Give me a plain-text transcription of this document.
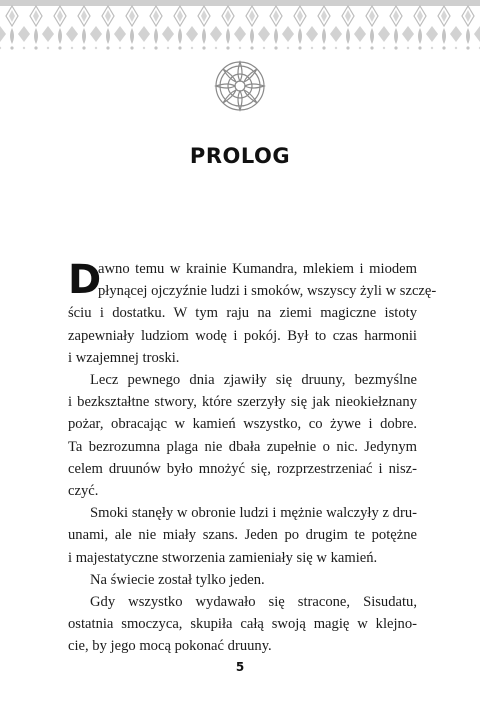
PROLOG
D
awno temu w krainie Kumandra, mlekiem i miodem
płynącej ojczyźnie ludzi i smoków, wszyscy żyli w szczę-
ściu i dostatku. W tym raju na ziemi magiczne istoty
zapewniały ludziom wodę i pokój. Był to czas harmonii
i wzajemnej troski.
Lecz pewnego dnia zjawiły się druuny, bezmyślne
i bezkształtne stwory, które szerzyły się jak nieokiełznany
pożar, obracając w kamień wszystko, co żywe i dobre.
Ta bezrozumna plaga nie dbała zupełnie o nic. Jedynym
celem druunów było mnożyć się, rozprzestrzeniać i nisz-
czyć.
Smoki stanęły w obronie ludzi i mężnie walczyły z dru-
unami, ale nie miały szans. Jeden po drugim te potężne
i majestatyczne stworzenia zamieniały się w kamień.
Na świecie został tylko jeden.
Gdy wszystko wydawało się stracone, Sisudatu,
ostatnia smoczyca, skupiła całą swoją magię w klejno-
cie, by jego mocą pokonać druuny.
5
